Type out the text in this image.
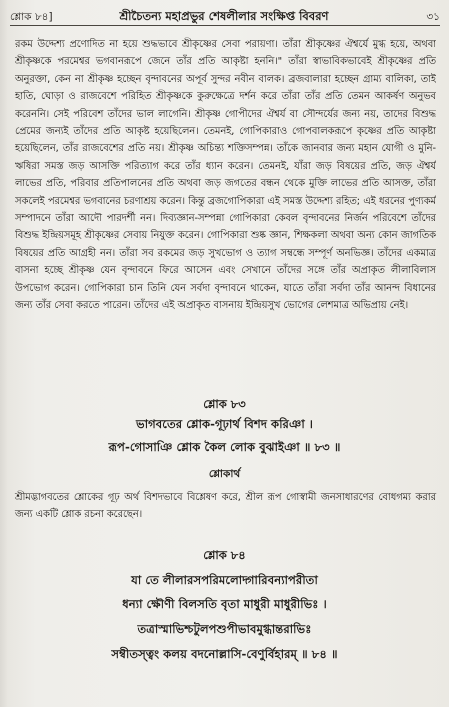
শ্লোক ৮৪]	শ্রীচৈতন্য মহাপ্রভুর শেষলীলার সংক্ষিপ্ত বিবরণ	৩১
রকম উদ্দেশ্য প্রণোদিত না হয়ে শুদ্ধভাবে শ্রীকৃষ্ণের সেবা পরায়ণা। তাঁরা শ্রীকৃষ্ণের ঐশ্বর্যে মুগ্ধ হয়ে, অথবা শ্রীকৃষ্ণকে পরমেশ্বর ভগবানরূপে জেনে তাঁর প্রতি আকৃষ্টা হননি।" তাঁরা স্বাভাবিকভাবেই শ্রীকৃষ্ণের প্রতি অনুরক্তা, কেন না শ্রীকৃষ্ণ হচ্ছেন বৃন্দাবনের অপূর্ব সুন্দর নবীন বালক। ব্রজবালারা হচ্ছেন গ্রাম্য বালিকা, তাই হাতি, ঘোড়া ও রাজবেশে পরিহিত শ্রীকৃষ্ণকে কুরুক্ষেত্রে দর্শন করে তাঁরা তাঁর প্রতি তেমন আকর্ষণ অনুভব করেননি। সেই পরিবেশ তাঁদের ভাল লাগেনি। শ্রীকৃষ্ণ গোপীদের ঐশ্বর্য বা সৌন্দর্যের জন্য নয়, তাদের বিশুদ্ধ প্রেমের জন্যই তাঁদের প্রতি আকৃষ্ট হয়েছিলেন। তেমনই, গোপিকারাও গোপবালকরূপে কৃষ্ণের প্রতি আকৃষ্টা হয়েছিলেন, তাঁর রাজবেশের প্রতি নয়। শ্রীকৃষ্ণ অচিন্ত্য শক্তিসম্পন্ন। তাঁকে জানবার জন্য মহান যোগী ও মুনি-ঋষিরা সমস্ত জড় আসক্তি পরিত্যাগ করে তাঁর ধ্যান করেন। তেমনই, যাঁরা জড় বিষয়ের প্রতি, জড় ঐশ্বর্য লাভের প্রতি, পরিবার প্রতিপালনের প্রতি অথবা জড় জগতের বন্ধন থেকে মুক্তি লাভের প্রতি আসক্ত, তাঁরা সকলেই পরমেশ্বর ভগবানের চরণাশ্রয় করেন। কিন্তু ব্রজগোপিকারা এই সমস্ত উদ্দেশ্য রহিত; এই ধরনের পুণ্যকর্ম সম্পাদনে তাঁরা আদৌ পারদর্শী নন। দিব্যজ্ঞান-সম্পন্না গোপিকারা কেবল বৃন্দাবনের নির্জন পরিবেশে তাঁদের বিশুদ্ধ ইন্দ্রিয়সমূহ শ্রীকৃষ্ণের সেবায় নিযুক্ত করেন। গোপিকারা শুষ্ক জ্ঞান, শিক্ষকলা অথবা অন্য কোন জাগতিক বিষয়ের প্রতি আগ্রহী নন। তাঁরা সব রকমের জড় সুখভোগ ও ত্যাগ সম্বন্ধে সম্পূর্ণ অনভিজ্ঞ। তাঁদের একমাত্র বাসনা হচ্ছে শ্রীকৃষ্ণ যেন বৃন্দাবনে ফিরে আসেন এবং সেখানে তাঁদের সঙ্গে তাঁর অপ্রাকৃত লীলাবিলাস উপভোগ করেন। গোপিকারা চান তিনি যেন সর্বদা বৃন্দাবনে থাকেন, যাতে তাঁরা সর্বদা তাঁর আনন্দ বিধানের জন্য তাঁর সেবা করতে পারেন। তাঁদের এই অপ্রাকৃত বাসনায় ইন্দ্রিয়সুখ ভোগের লেশমাত্র অভিপ্রায় নেই।
শ্লোক ৮৩
ভাগবতের শ্লোক-গূঢ়ার্থ বিশদ করিঞা ।
রূপ-গোসাঞি শ্লোক কৈল লোক বুঝাইঞা ॥ ৮৩ ॥
শ্লোকার্থ
শ্রীমদ্ভাগবতের শ্লোকের গূঢ় অর্থ বিশদভাবে বিশ্লেষণ করে, শ্রীল রূপ গোস্বামী জনসাধারণের বোধগম্য করার জন্য একটি শ্লোক রচনা করেছেন।
শ্লোক ৮৪
যা তে লীলারসপরিমলোদ্গারিবন্যাপরীতা
ধন্যা ক্ষৌণী বিলসতি বৃতা মাধুরী মাধুরীভিঃ ।
তত্রাস্মাভিশ্চটুলপশুপীভাবমুগ্ধান্তরাভিঃ
সম্বীতস্ত্বং কলয় বদনোল্লাসি-বেণুর্বিহারম্ ॥ ৮৪ ॥
